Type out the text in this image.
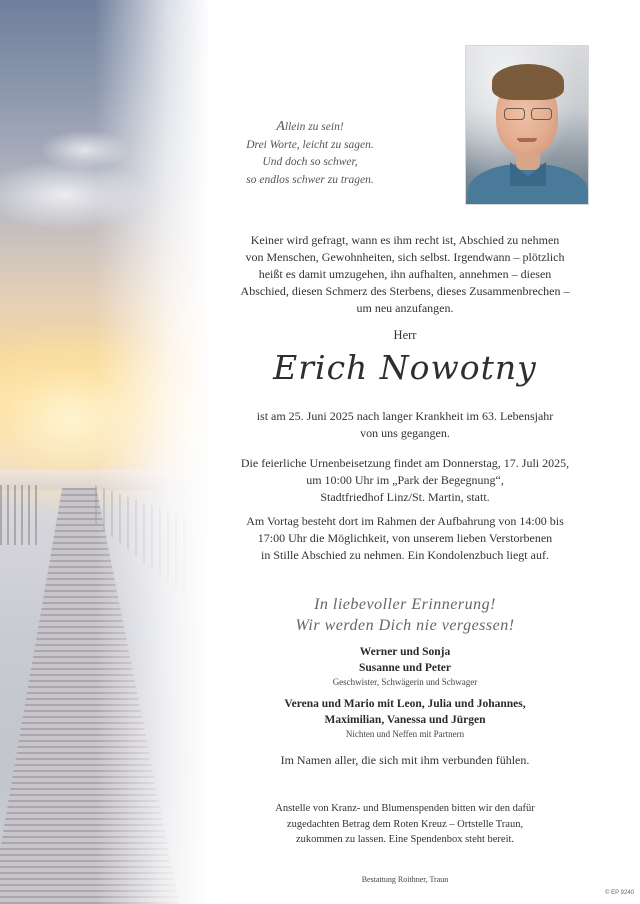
Allein zu sein!
Drei Worte, leicht zu sagen.
Und doch so schwer,
so endlos schwer zu tragen.
Keiner wird gefragt, wann es ihm recht ist, Abschied zu nehmen
von Menschen, Gewohnheiten, sich selbst. Irgendwann – plötzlich
heißt es damit umzugehen, ihn aufhalten, annehmen – diesen
Abschied, diesen Schmerz des Sterbens, dieses Zusammenbrechen –
um neu anzufangen.
Herr
Erich Nowotny
ist am 25. Juni 2025 nach langer Krankheit im 63. Lebensjahr
von uns gegangen.
Die feierliche Urnenbeisetzung findet am Donnerstag, 17. Juli 2025,
um 10:00 Uhr im „Park der Begegnung“,
Stadtfriedhof Linz/St. Martin, statt.
Am Vortag besteht dort im Rahmen der Aufbahrung von 14:00 bis
17:00 Uhr die Möglichkeit, von unserem lieben Verstorbenen
in Stille Abschied zu nehmen. Ein Kondolenzbuch liegt auf.
In liebevoller Erinnerung!
Wir werden Dich nie vergessen!
Werner und Sonja
Susanne und Peter
Geschwister, Schwägerin und Schwager
Verena und Mario mit Leon, Julia und Johannes,
Maximilian, Vanessa und Jürgen
Nichten und Neffen mit Partnern
Im Namen aller, die sich mit ihm verbunden fühlen.
Anstelle von Kranz- und Blumenspenden bitten wir den dafür
zugedachten Betrag dem Roten Kreuz – Ortstelle Traun,
zukommen zu lassen. Eine Spendenbox steht bereit.
Bestattung Roithner, Traun
© EP 9240
